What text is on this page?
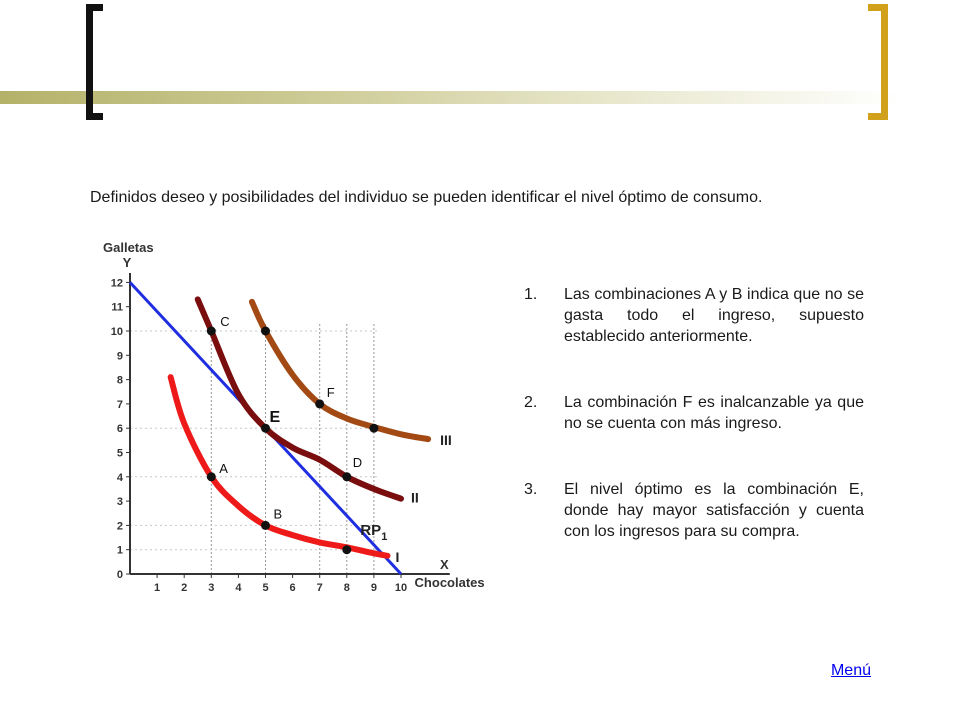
Definidos deseo y posibilidades del individuo se pueden identificar el nivel óptimo de consumo.

1 2 3 4 5 6 7 8 9 10
0
1
2
3
4
5
6
7
8
9
10
11
12
Galletas
Y
X
Chocolates
I
II
III
$RP_1$
A
B
C
D
E
F
1. Las combinaciones A y B indica que no se gasta todo el ingreso, supuesto establecido anteriormente.
2. La combinación F es inalcanzable ya que no se cuenta con más ingreso.
3. El nivel óptimo es la combinación E, donde hay mayor satisfacción y cuenta con los ingresos para su compra.
Menú
